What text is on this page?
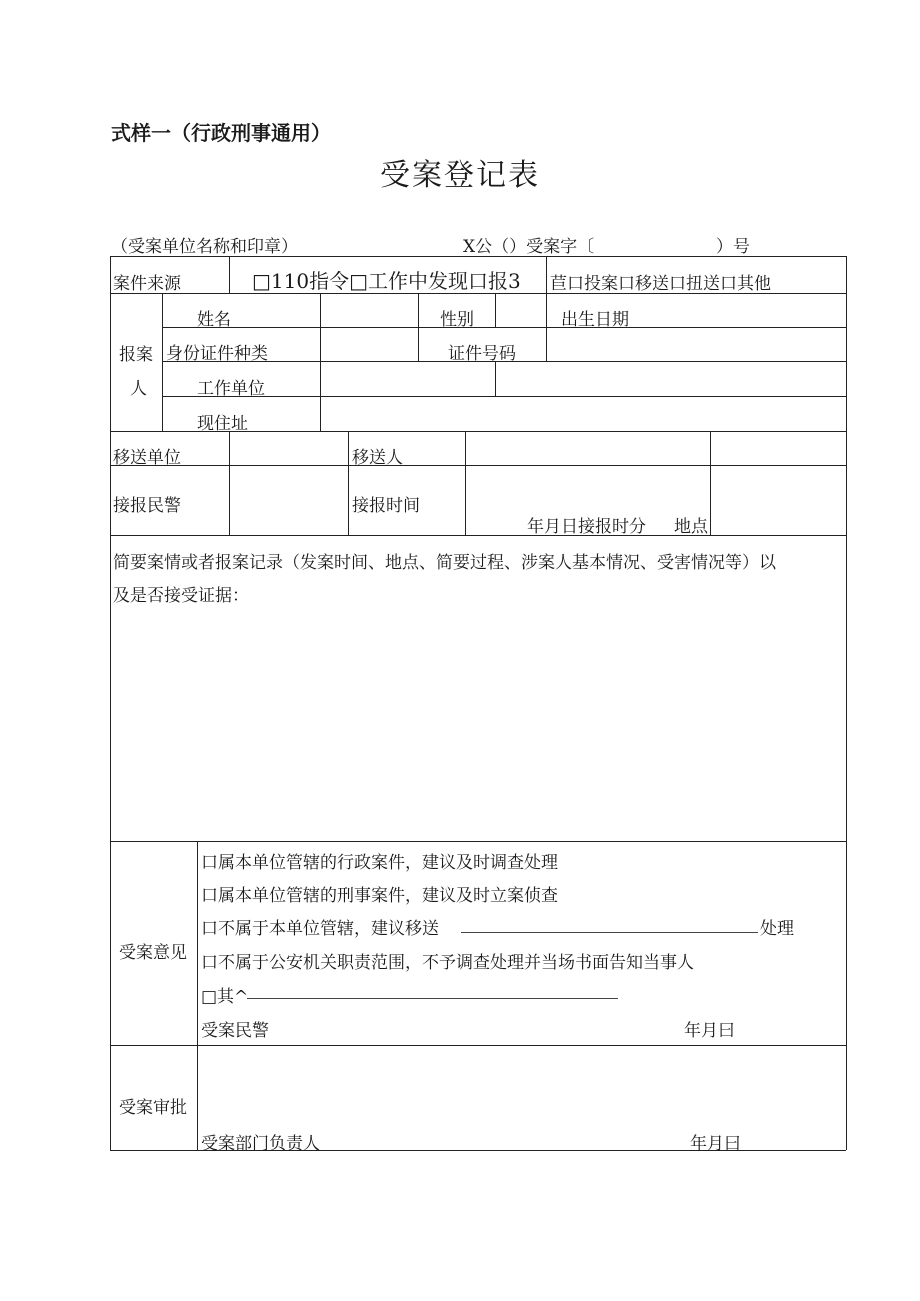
式样一（行政刑事通用）
受案登记表
（受案单位名称和印章）	X公（）受案字〔	）号
案件来源	□110指令□工作中发现口报3 苣口投案口移送口扭送口其他
报案
人
姓名	性别	出生日期
身份证件种类	证件号码
工作单位
现住址
移送单位	移送人
接报民警	接报时间
年月日接报时分 地点
简要案情或者报案记录（发案时间、地点、简要过程、涉案人基本情况、受害情况等）以
及是否接受证据：
受案意见
口属本单位管辖的行政案件，建议及时调查处理
口属本单位管辖的刑事案件，建议及时立案侦查
口不属于本单位管辖，建议移送	处理
口不属于公安机关职责范围，不予调查处理并当场书面告知当事人
□其^
受案民警	年月曰
受案审批
受案部门负责人	年月曰
